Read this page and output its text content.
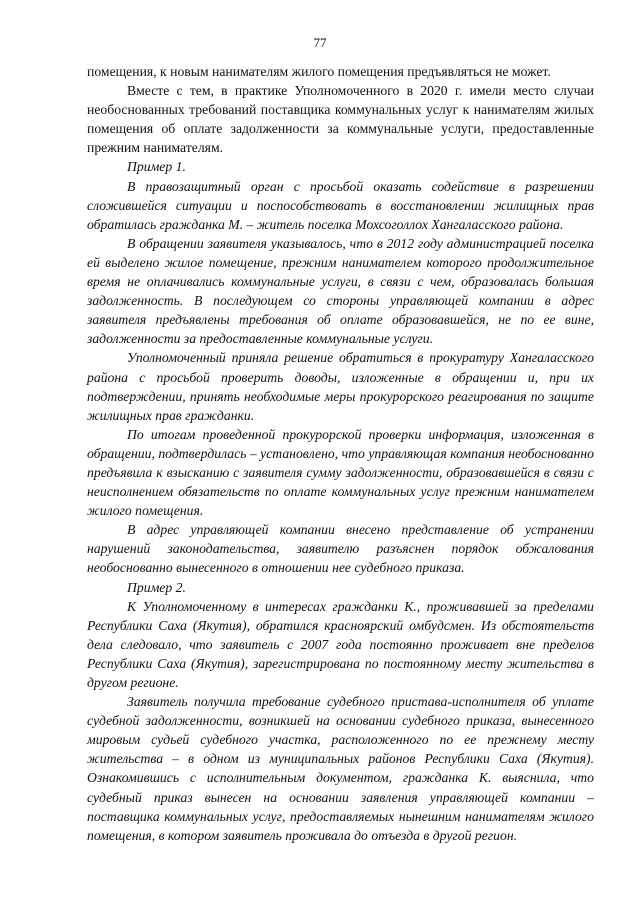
77

помещения, к новым нанимателям жилого помещения предъявляться не может.

Вместе с тем, в практике Уполномоченного в 2020 г. имели место случаи необоснованных требований поставщика коммунальных услуг к нанимателям жилых помещения об оплате задолженности за коммунальные услуги, предоставленные прежним нанимателям.

Пример 1.

В правозащитный орган с просьбой оказать содействие в разрешении сложившейся ситуации и поспособствовать в восстановлении жилищных прав обратилась гражданка М. – житель поселка Мохсоголлох Хангаласского района.

В обращении заявителя указывалось, что в 2012 году администрацией поселка ей выделено жилое помещение, прежним нанимателем которого продолжительное время не оплачивались коммунальные услуги, в связи с чем, образовалась большая задолженность. В последующем со стороны управляющей компании в адрес заявителя предъявлены требования об оплате образовавшейся, не по ее вине, задолженности за предоставленные коммунальные услуги.

Уполномоченный приняла решение обратиться в прокуратуру Хангаласского района с просьбой проверить доводы, изложенные в обращении и, при их подтверждении, принять необходимые меры прокурорского реагирования по защите жилищных прав гражданки.

По итогам проведенной прокурорской проверки информация, изложенная в обращении, подтвердилась – установлено, что управляющая компания необоснованно предъявила к взысканию с заявителя сумму задолженности, образовавшейся в связи с неисполнением обязательств по оплате коммунальных услуг прежним нанимателем жилого помещения.

В адрес управляющей компании внесено представление об устранении нарушений законодательства, заявителю разъяснен порядок обжалования необоснованно вынесенного в отношении нее судебного приказа.

Пример 2.

К Уполномоченному в интересах гражданки К., проживавшей за пределами Республики Саха (Якутия), обратился красноярский омбудсмен. Из обстоятельств дела следовало, что заявитель с 2007 года постоянно проживает вне пределов Республики Саха (Якутия), зарегистрирована по постоянному месту жительства в другом регионе.

Заявитель получила требование судебного пристава-исполнителя об уплате судебной задолженности, возникшей на основании судебного приказа, вынесенного мировым судьей судебного участка, расположенного по ее прежнему месту жительства – в одном из муниципальных районов Республики Саха (Якутия). Ознакомившись с исполнительным документом, гражданка К. выяснила, что судебный приказ вынесен на основании заявления управляющей компании – поставщика коммунальных услуг, предоставляемых нынешним нанимателям жилого помещения, в котором заявитель проживала до отъезда в другой регион.
